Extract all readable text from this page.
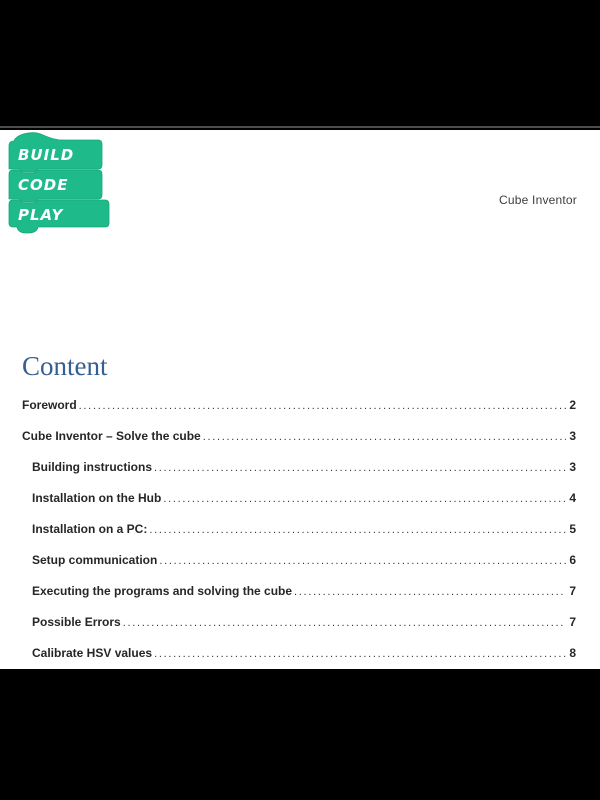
BUILD
CODE
PLAY
Cube Inventor
Content
Foreword .....	2
Cube Inventor – Solve the cube .....	3
Building instructions .....	3
Installation on the Hub .....	4
Installation on a PC: .....	5
Setup communication .....	6
Executing the programs and solving the cube .....	7
Possible Errors .....	7
Calibrate HSV values .....	8
